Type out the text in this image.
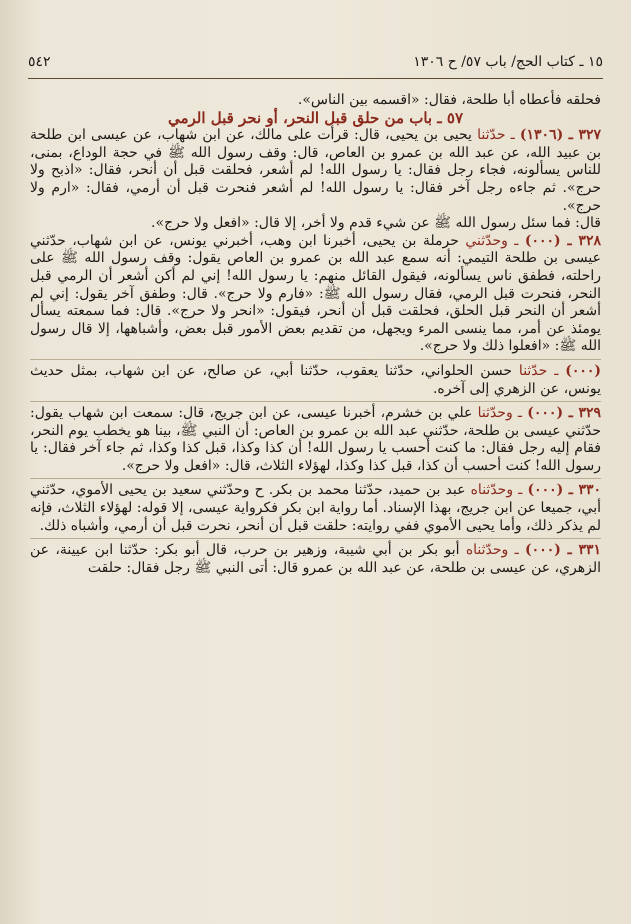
١٥ ـ كتاب الحج/ باب ٥٧/ ح ١٣٠٦
٥٤٢

فحلقه فأعطاه أبا طلحة، فقال: «اقسمه بين الناس».

٥٧ ـ باب من حلق قبل النحر، أو نحر قبل الرمي

٣٢٧ ـ (١٣٠٦) ـ حدّثنا يحيى بن يحيى، قال: قرأت على مالك، عن ابن شهاب، عن عيسى ابن طلحة بن عبيد الله، عن عبد الله بن عمرو بن العاص، قال: وقف رسول الله ﷺ في حجة الوداع، بمنى، للناس يسألونه، فجاء رجل فقال: يا رسول الله! لم أشعر، فحلقت قبل أن أنحر، فقال: «اذبح ولا حرج». ثم جاءه رجل آخر فقال: يا رسول الله! لم أشعر فنحرت قبل أن أرمي، فقال: «ارم ولا حرج».

قال: فما سئل رسول الله ﷺ عن شيء قدم ولا أخر، إلا قال: «افعل ولا حرج».

٣٢٨ ـ (٠٠٠) ـ وحدّثني حرملة بن يحيى، أخبرنا ابن وهب، أخبرني يونس، عن ابن شهاب، حدّثني عيسى بن طلحة التيمي: أنه سمع عبد الله بن عمرو بن العاص يقول: وقف رسول الله ﷺ على راحلته، فطفق ناس يسألونه، فيقول القائل منهم: يا رسول الله! إني لم أكن أشعر أن الرمي قبل النحر، فنحرت قبل الرمي، فقال رسول الله ﷺ: «فارم ولا حرج». قال: وطفق آخر يقول: إني لم أشعر أن النحر قبل الحلق، فحلقت قبل أن أنحر، فيقول: «انحر ولا حرج». قال: فما سمعته يسأل يومئذ عن أمر، مما ينسى المرء ويجهل، من تقديم بعض الأمور قبل بعض، وأشباهها، إلا قال رسول الله ﷺ: «افعلوا ذلك ولا حرج».

(٠٠٠) ـ حدّثنا حسن الحلواني، حدّثنا يعقوب، حدّثنا أبي، عن صالح، عن ابن شهاب، بمثل حديث يونس، عن الزهري إلى آخره.

٣٢٩ ـ (٠٠٠) ـ وحدّثنا علي بن خشرم، أخبرنا عيسى، عن ابن جريج، قال: سمعت ابن شهاب يقول: حدّثني عيسى بن طلحة، حدّثني عبد الله بن عمرو بن العاص: أن النبي ﷺ، بينا هو يخطب يوم النحر، فقام إليه رجل فقال: ما كنت أحسب يا رسول الله! أن كذا وكذا، قبل كذا وكذا، ثم جاء آخر فقال: يا رسول الله! كنت أحسب أن كذا، قبل كذا وكذا، لهؤلاء الثلاث، قال: «افعل ولا حرج».

٣٣٠ ـ (٠٠٠) ـ وحدّثناه عبد بن حميد، حدّثنا محمد بن بكر. ح وحدّثني سعيد بن يحيى الأموي، حدّثني أبي، جميعا عن ابن جريج، بهذا الإسناد. أما رواية ابن بكر فكرواية عيسى، إلا قوله: لهؤلاء الثلاث، فإنه لم يذكر ذلك، وأما يحيى الأموي ففي روايته: حلقت قبل أن أنحر، نحرت قبل أن أرمي، وأشباه ذلك.

٣٣١ ـ (٠٠٠) ـ وحدّثناه أبو بكر بن أبي شيبة، وزهير بن حرب، قال أبو بكر: حدّثنا ابن عيينة، عن الزهري، عن عيسى بن طلحة، عن عبد الله بن عمرو قال: أتى النبي ﷺ رجل فقال: حلقت
